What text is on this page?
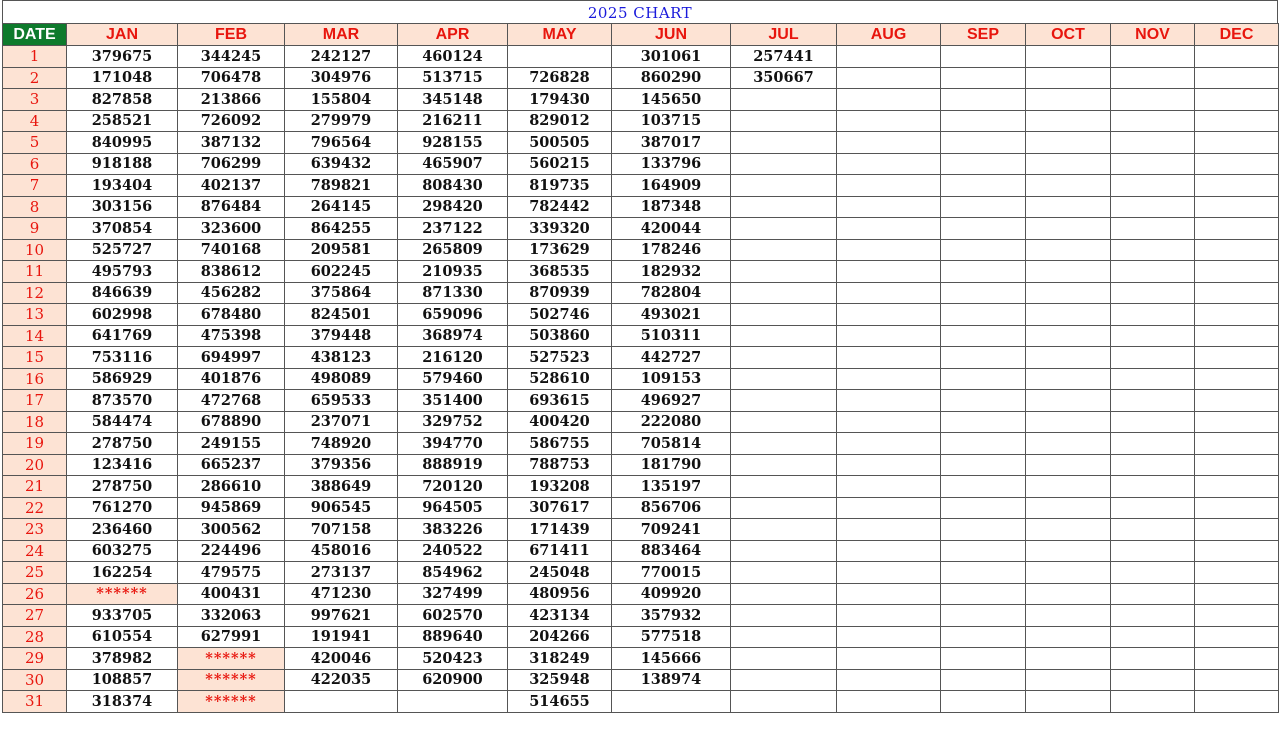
2025 CHART
DATE	JAN	FEB	MAR	APR	MAY	JUN	JUL	AUG	SEP	OCT	NOV	DEC
1	379675	344245	242127	460124		301061	257441					
2	171048	706478	304976	513715	726828	860290	350667					
3	827858	213866	155804	345148	179430	145650						
4	258521	726092	279979	216211	829012	103715						
5	840995	387132	796564	928155	500505	387017						
6	918188	706299	639432	465907	560215	133796						
7	193404	402137	789821	808430	819735	164909						
8	303156	876484	264145	298420	782442	187348						
9	370854	323600	864255	237122	339320	420044						
10	525727	740168	209581	265809	173629	178246						
11	495793	838612	602245	210935	368535	182932						
12	846639	456282	375864	871330	870939	782804						
13	602998	678480	824501	659096	502746	493021						
14	641769	475398	379448	368974	503860	510311						
15	753116	694997	438123	216120	527523	442727						
16	586929	401876	498089	579460	528610	109153						
17	873570	472768	659533	351400	693615	496927						
18	584474	678890	237071	329752	400420	222080						
19	278750	249155	748920	394770	586755	705814						
20	123416	665237	379356	888919	788753	181790						
21	278750	286610	388649	720120	193208	135197						
22	761270	945869	906545	964505	307617	856706						
23	236460	300562	707158	383226	171439	709241						
24	603275	224496	458016	240522	671411	883464						
25	162254	479575	273137	854962	245048	770015						
26	******	400431	471230	327499	480956	409920						
27	933705	332063	997621	602570	423134	357932						
28	610554	627991	191941	889640	204266	577518						
29	378982	******	420046	520423	318249	145666						
30	108857	******	422035	620900	325948	138974						
31	318374	******			514655							
